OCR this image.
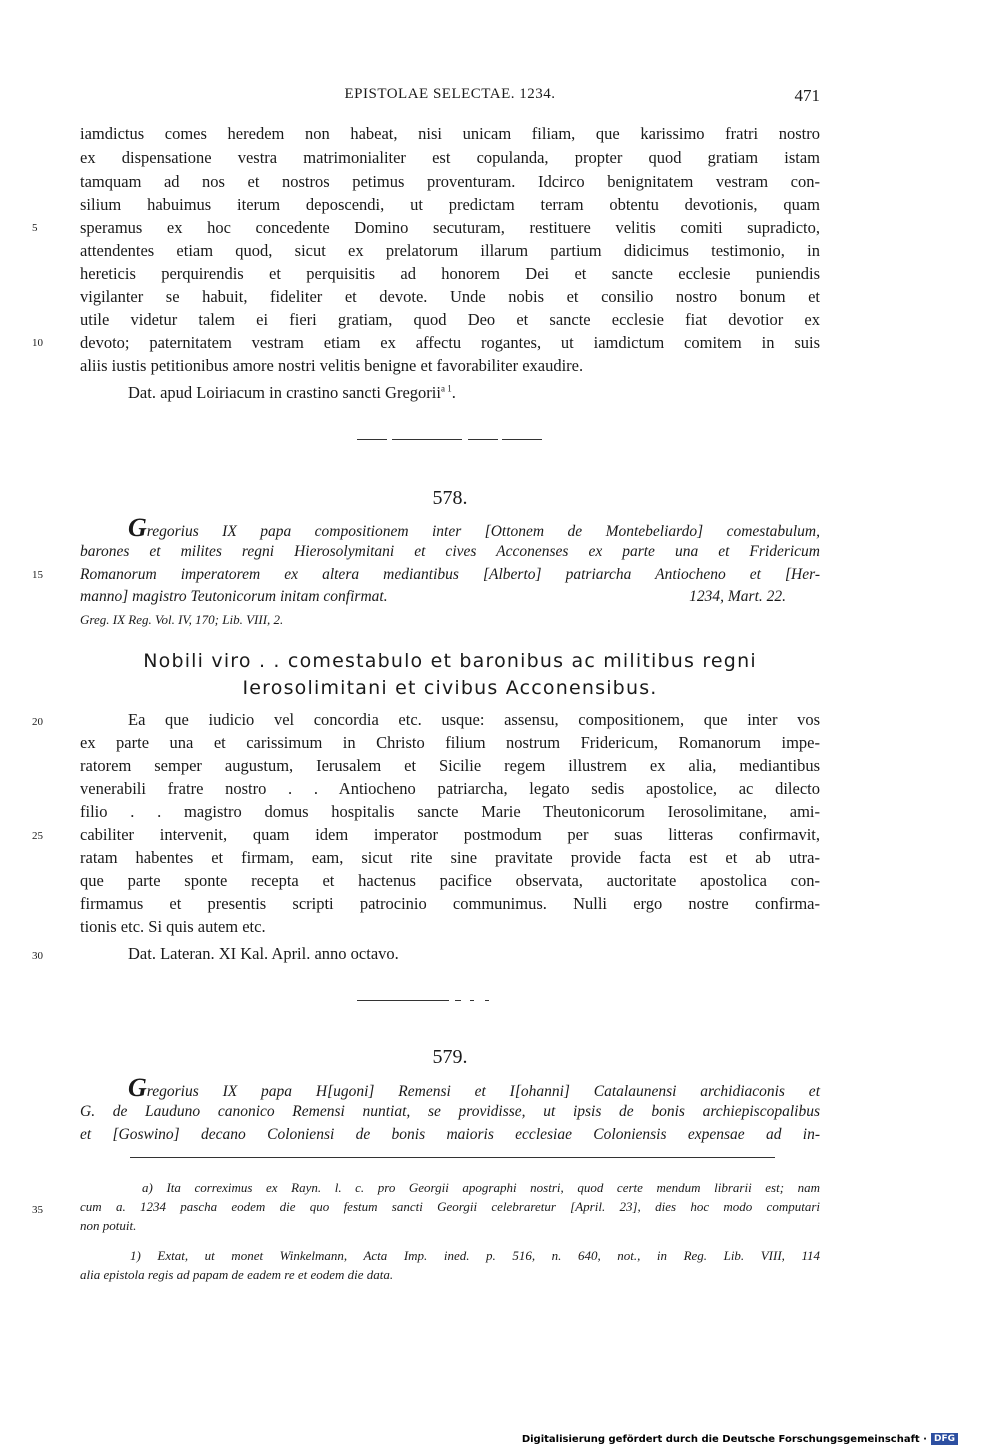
EPISTOLAE SELECTAE. 1234.	471
iamdictus comes heredem non habeat, nisi unicam filiam, que karissimo fratri nostro
ex dispensatione vestra matrimonialiter est copulanda, propter quod gratiam istam
tamquam ad nos et nostros petimus proventuram. Idcirco benignitatem vestram con-
silium habuimus iterum deposcendi, ut predictam terram obtentu devotionis, quam
5	speramus ex hoc concedente Domino secuturam, restituere velitis comiti supradicto,
attendentes etiam quod, sicut ex prelatorum illarum partium didicimus testimonio, in
hereticis perquirendis et perquisitis ad honorem Dei et sancte ecclesie puniendis
vigilanter se habuit, fideliter et devote. Unde nobis et consilio nostro bonum et
utile videtur talem ei fieri gratiam, quod Deo et sancte ecclesie fiat devotior ex
10 devoto; paternitatem vestram etiam ex affectu rogantes, ut iamdictum comitem in suis
aliis iustis petitionibus amore nostri velitis benigne et favorabiliter exaudire.
Dat. apud Loiriacum in crastino sancti Gregorii$^{a 1}$.
578.
Gregorius IX papa compositionem inter [Ottonem de Montebeliardo] comestabulum,
barones et milites regni Hierosolymitani et cives Acconenses ex parte una et Fridericum
15 Romanorum imperatorem ex altera mediantibus [Alberto] patriarcha Antiocheno et [Her-
manno] magistro Teutonicorum initam confirmat.	1234, Mart. 22.
Greg. IX Reg. Vol. IV, 170; Lib. VIII, 2.
Nobili viro . . comestabulo et baronibus ac militibus regni
Ierosolimitani et civibus Acconensibus.
20	Ea que iudicio vel concordia etc. usque: assensu, compositionem, que inter vos
ex parte una et carissimum in Christo filium nostrum Fridericum, Romanorum impe-
ratorem semper augustum, Ierusalem et Sicilie regem illustrem ex alia, mediantibus
venerabili fratre nostro . . Antiocheno patriarcha, legato sedis apostolice, ac dilecto
filio . . magistro domus hospitalis sancte Marie Theutonicorum Ierosolimitane, ami-
25 cabiliter intervenit, quam idem imperator postmodum per suas litteras confirmavit,
ratam habentes et firmam, eam, sicut rite sine pravitate provide facta est et ab utra-
que parte sponte recepta et hactenus pacifice observata, auctoritate apostolica con-
firmamus et presentis scripti patrocinio communimus. Nulli ergo nostre confirma-
tionis etc. Si quis autem etc.
30	Dat. Lateran. XI Kal. April. anno octavo.
579.
Gregorius IX papa H[ugoni] Remensi et I[ohanni] Catalaunensi archidiaconis et
G. de Lauduno canonico Remensi nuntiat, se providisse, ut ipsis de bonis archiepiscopalibus
et [Goswino] decano Coloniensi de bonis maioris ecclesiae Coloniensis expensae ad in-
a) Ita correximus ex Rayn. l. c. pro Georgii apographi nostri, quod certe mendum librarii est; nam
35	cum a. 1234 pascha eodem die quo festum sancti Georgii celebraretur [April. 23], dies hoc modo computari
non potuit.
1) Extat, ut monet Winkelmann, Acta Imp. ined. p. 516, n. 640, not., in Reg. Lib. VIII, 114
alia epistola regis ad papam de eadem re et eodem die data.
Digitalisierung gefördert durch die Deutsche Forschungsgemeinschaft · DFG
